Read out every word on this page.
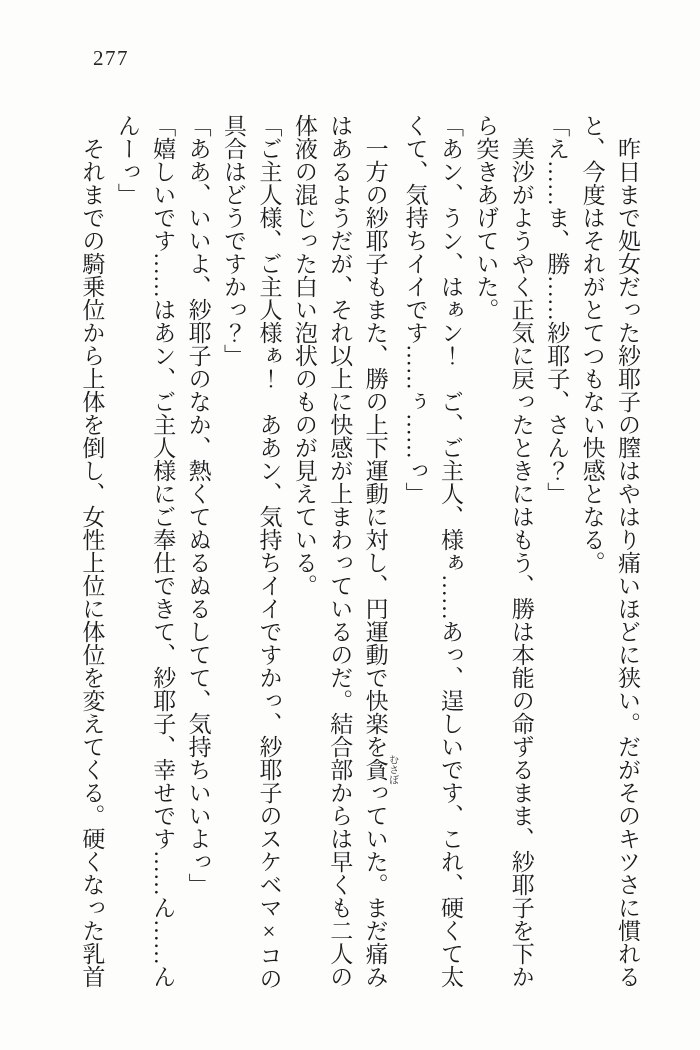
277
昨日まで処女だった紗耶子の膣はやはり痛いほどに狭い。だがそのキツさに慣れる
と、今度はそれがとてつもない快感となる。
「え……ま、勝……紗耶子、さん？」
美沙がようやく正気に戻ったときにはもう、勝は本能の命ずるまま、紗耶子を下か
ら突きあげていた。
「あン、うン、はぁン！　ご、ご主人、様ぁ……あっ、逞しいです、これ、硬くて太
くて、気持ちイイです……ぅ……っ」
一方の紗耶子もまた、勝の上下運動に対し、円運動で快楽を貪 むさぼっていた。まだ痛み
はあるようだが、それ以上に快感が上まわっているのだ。結合部からは早くも二人の
体液の混じった白い泡状のものが見えている。
「ご主人様、ご主人様ぁ！　ああン、気持ちイイですかっ、紗耶子のスケベマ×コの
具合はどうですかっ？」
「ああ、いいよ、紗耶子のなか、熱くてぬるぬるしてて、気持ちいいよっ」
「嬉しいです……はあン、ご主人様にご奉仕できて、紗耶子、幸せです……ん……ん
んーっ」
それまでの騎乗位から上体を倒し、女性上位に体位を変えてくる。硬くなった乳首
